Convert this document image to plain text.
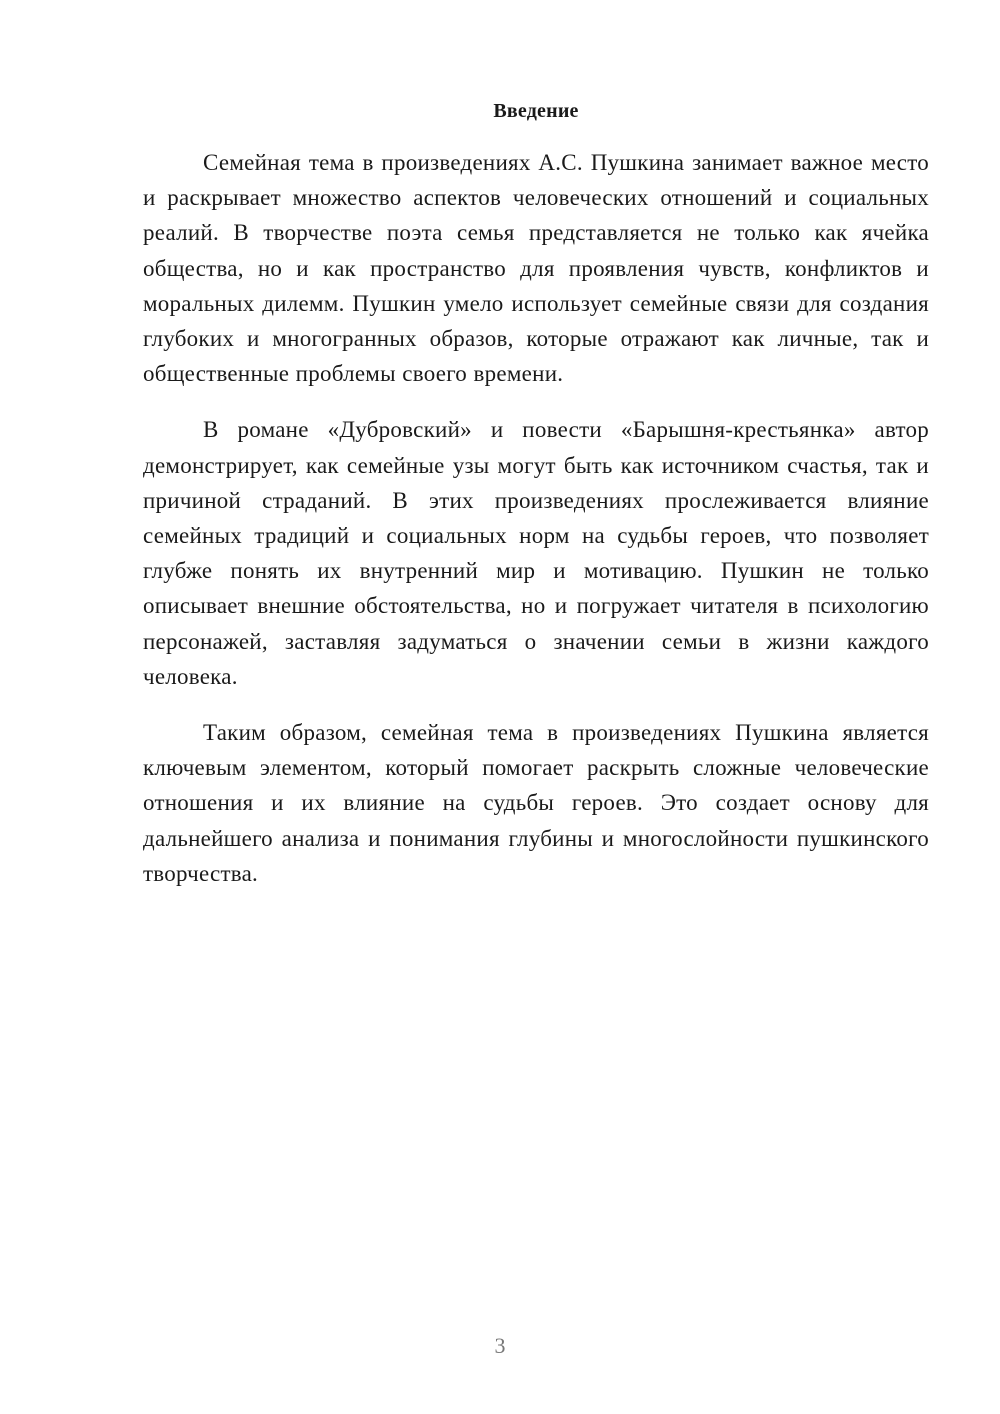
Введение

Семейная тема в произведениях А.С. Пушкина занимает важное место и раскрывает множество аспектов человеческих отношений и социальных реалий. В творчестве поэта семья представляется не только как ячейка общества, но и как пространство для проявления чувств, конфликтов и моральных дилемм. Пушкин умело использует семейные связи для создания глубоких и многогранных образов, которые отражают как личные, так и общественные проблемы своего времени.

В романе «Дубровский» и повести «Барышня-крестьянка» автор демонстрирует, как семейные узы могут быть как источником счастья, так и причиной страданий. В этих произведениях прослеживается влияние семейных традиций и социальных норм на судьбы героев, что позволяет глубже понять их внутренний мир и мотивацию. Пушкин не только описывает внешние обстоятельства, но и погружает читателя в психологию персонажей, заставляя задуматься о значении семьи в жизни каждого человека.

Таким образом, семейная тема в произведениях Пушкина является ключевым элементом, который помогает раскрыть сложные человеческие отношения и их влияние на судьбы героев. Это создает основу для дальнейшего анализа и понимания глубины и многослойности пушкинского творчества.

3
